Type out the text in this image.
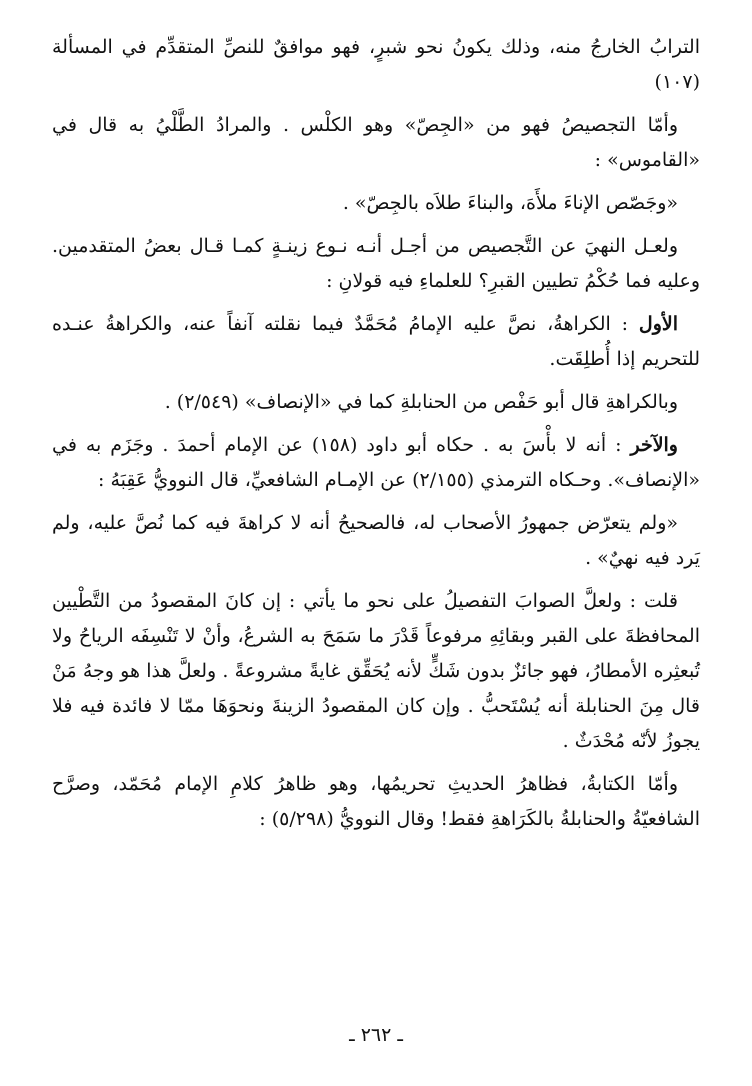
الترابُ الخارجُ منه، وذلك يكونُ نحو شبرٍ، فهو موافقٌ للنصِّ المتقدِّم في المسألة (١٠٧)

وأمّا التجصيصُ فهو من «الجِصّ» وهو الكلْس . والمرادُ الطَّلْيُ به قال في «القاموس» :

«وجَصّص الإناءَ ملأَهَ، والبناءَ طلاَه بالجِصّ» .

ولعـل النهيَ عن التَّجصيص من أجـل أنـه نـوع زينـةٍ كمـا قـال بعضُ المتقدمين. وعليه فما حُكْمُ تطيين القبرِ؟ للعلماءِ فيه قولانِ :

الأول : الكراهةُ، نصَّ عليه الإمامُ مُحَمَّدٌ فيما نقلته آنفاً عنه، والكراهةُ عنـده للتحريم إذا أُطلِقَت.

وبالكراهةِ قال أبو حَفْص من الحنابلةِ كما في «الإنصاف» (٢/٥٤٩) .

والآخر : أنه لا بأْسَ به . حكاه أبو داود (١٥٨) عن الإمام أحمدَ . وجَزَم به في «الإنصاف». وحـكاه الترمذي (٢/١٥٥) عن الإمـام الشافعيِّ، قال النوويُّ عَقِبَهُ :

«ولم يتعرّض جمهورُ الأصحاب له، فالصحيحُ أنه لا كراهةَ فيه كما نُصَّ عليه، ولم يَرد فيه نهيٌ» .

قلت : ولعلَّ الصوابَ التفصيلُ على نحو ما يأتي : إن كانَ المقصودُ من التَّطْيين المحافظةَ على القبر وبقائِهِ مرفوعاً قَدْرَ ما سَمَحَ به الشرعُ، وأنْ لا تَنْسِفَه الرياحُ ولا تُبعثِره الأمطارُ، فهو جائزٌ بدون شَكٍّ لأنه يُحَقِّق غايةً مشروعةً . ولعلَّ هذا هو وجهُ مَنْ قال مِنَ الحنابلة أنه يُسْتَحبُّ . وإن كان المقصودُ الزينةَ ونحوَهَا ممّا لا فائدة فيه فلا يجوزُ لأنّه مُحْدَثٌ .

وأمّا الكتابةُ، فظاهرُ الحديثِ تحريمُها، وهو ظاهرُ كلامِ الإمام مُحَمّد، وصرَّح الشافعيّةُ والحنابلةُ بالكَرَاهةِ فقط! وقال النوويُّ (٥/٢٩٨) :

ـ ٢٦٢ ـ
